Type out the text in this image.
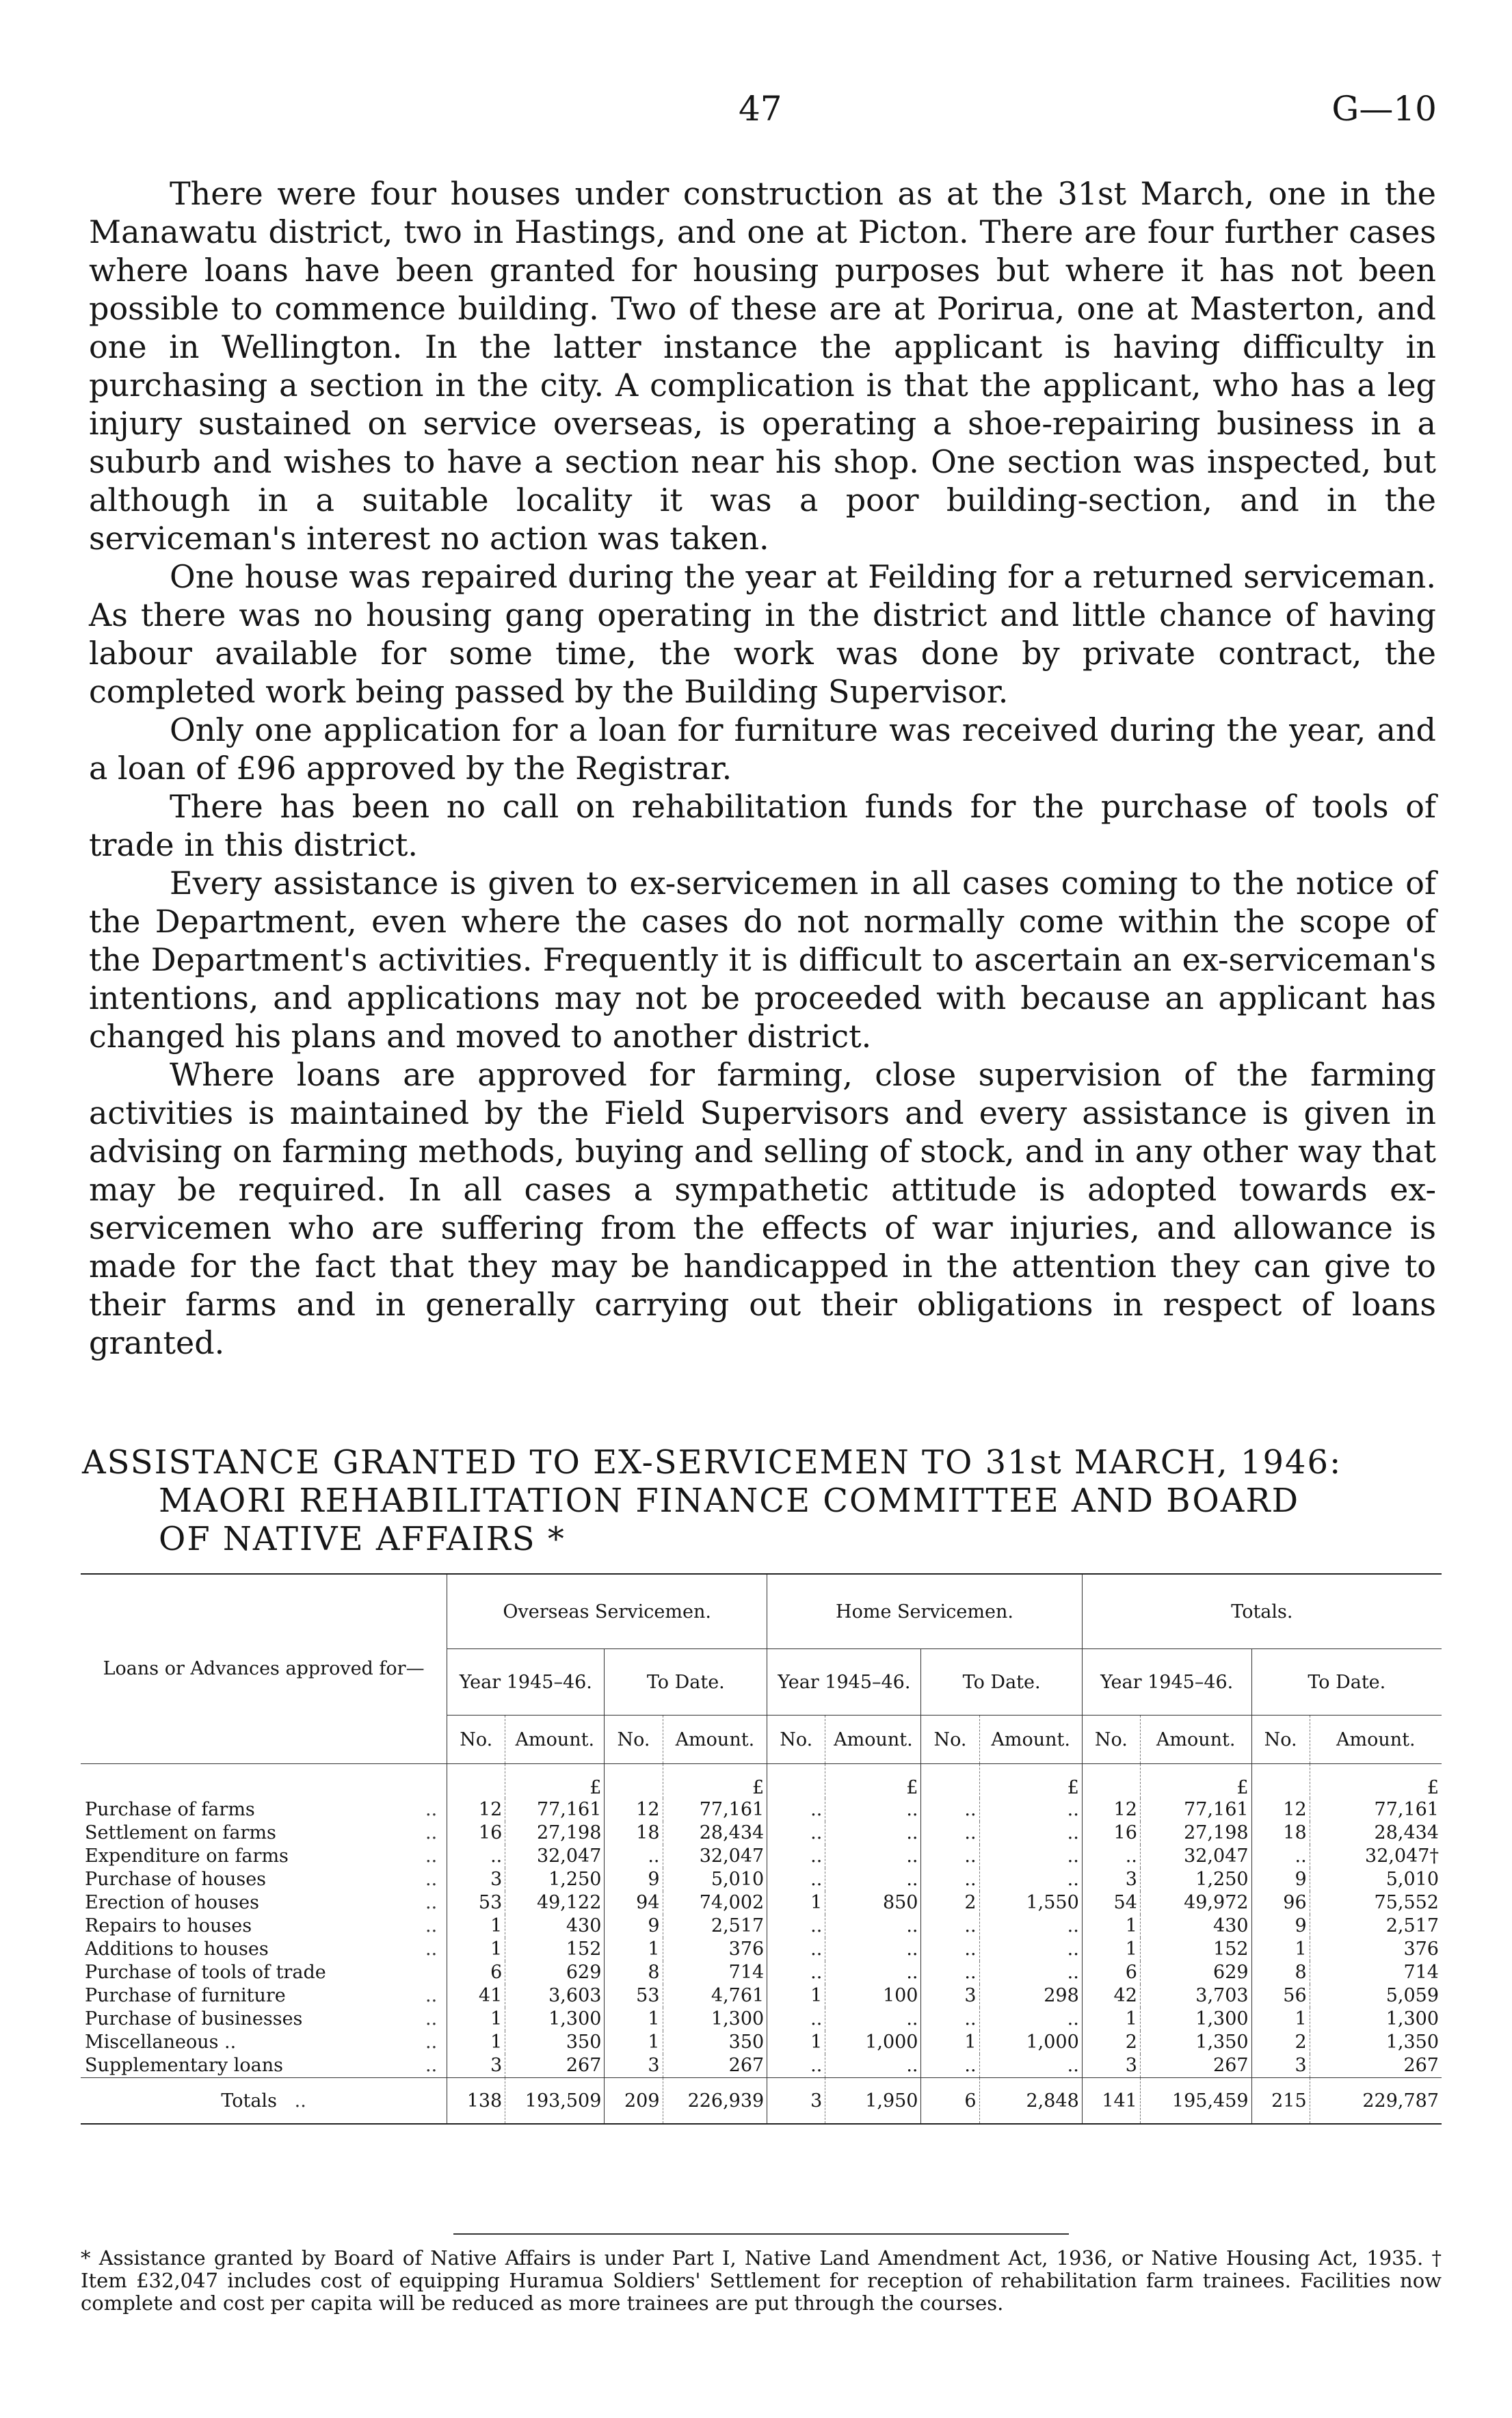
47	G—10

There were four houses under construction as at the 31st March, one in the Manawatu district, two in Hastings, and one at Picton. There are four further cases where loans have been granted for housing purposes but where it has not been possible to commence building. Two of these are at Porirua, one at Masterton, and one in Wellington. In the latter instance the applicant is having difficulty in purchasing a section in the city. A complication is that the applicant, who has a leg injury sustained on service overseas, is operating a shoe-repairing business in a suburb and wishes to have a section near his shop. One section was inspected, but although in a suitable locality it was a poor building-section, and in the serviceman's interest no action was taken.

One house was repaired during the year at Feilding for a returned serviceman. As there was no housing gang operating in the district and little chance of having labour available for some time, the work was done by private contract, the completed work being passed by the Building Supervisor.

Only one application for a loan for furniture was received during the year, and a loan of £96 approved by the Registrar.

There has been no call on rehabilitation funds for the purchase of tools of trade in this district.

Every assistance is given to ex-servicemen in all cases coming to the notice of the Department, even where the cases do not normally come within the scope of the Department's activities. Frequently it is difficult to ascertain an ex-serviceman's intentions, and applications may not be proceeded with because an applicant has changed his plans and moved to another district.

Where loans are approved for farming, close supervision of the farming activities is maintained by the Field Supervisors and every assistance is given in advising on farming methods, buying and selling of stock, and in any other way that may be required. In all cases a sympathetic attitude is adopted towards ex-servicemen who are suffering from the effects of war injuries, and allowance is made for the fact that they may be handicapped in the attention they can give to their farms and in generally carrying out their obligations in respect of loans granted.

ASSISTANCE GRANTED TO EX-SERVICEMEN TO 31st MARCH, 1946:
MAORI REHABILITATION FINANCE COMMITTEE AND BOARD
OF NATIVE AFFAIRS *
Loans or Advances approved for—	Overseas Servicemen.				Home Servicemen.				Totals.			
	Year 1945–46.		To Date.		Year 1945–46.		To Date.		Year 1945–46.		To Date.	
	No.	Amount.	No.	Amount.	No.	Amount.	No.	Amount.	No.	Amount.	No.	Amount.
		£		£		£		£		£		£
Purchase of farms ..	12	77,161	12	77,161	..	..	..	..	12	77,161	12	77,161
Settlement on farms ..	16	27,198	18	28,434	..	..	..	..	16	27,198	18	28,434
Expenditure on farms ..	..	32,047	..	32,047	..	..	..	..	..	32,047	..	32,047†
Purchase of houses ..	3	1,250	9	5,010	..	..	..	..	3	1,250	9	5,010
Erection of houses ..	53	49,122	94	74,002	1	850	2	1,550	54	49,972	96	75,552
Repairs to houses ..	1	430	9	2,517	..	..	..	..	1	430	9	2,517
Additions to houses ..	1	152	1	376	..	..	..	..	1	152	1	376
Purchase of tools of trade	6	629	8	714	..	..	..	..	6	629	8	714
Purchase of furniture ..	41	3,603	53	4,761	1	100	3	298	42	3,703	56	5,059
Purchase of businesses ..	1	1,300	1	1,300	..	..	..	..	1	1,300	1	1,300
Miscellaneous .. ..	1	350	1	350	1	1,000	1	1,000	2	1,350	2	1,350
Supplementary loans ..	3	267	3	267	..	..	..	..	3	267	3	267
Totals ..	138	193,509	209	226,939	3	1,950	6	2,848	141	195,459	215	229,787
* Assistance granted by Board of Native Affairs is under Part I, Native Land Amendment Act, 1936, or Native Housing Act, 1935. † Item £32,047 includes cost of equipping Huramua Soldiers' Settlement for reception of rehabilitation farm trainees. Facilities now complete and cost per capita will be reduced as more trainees are put through the courses.
